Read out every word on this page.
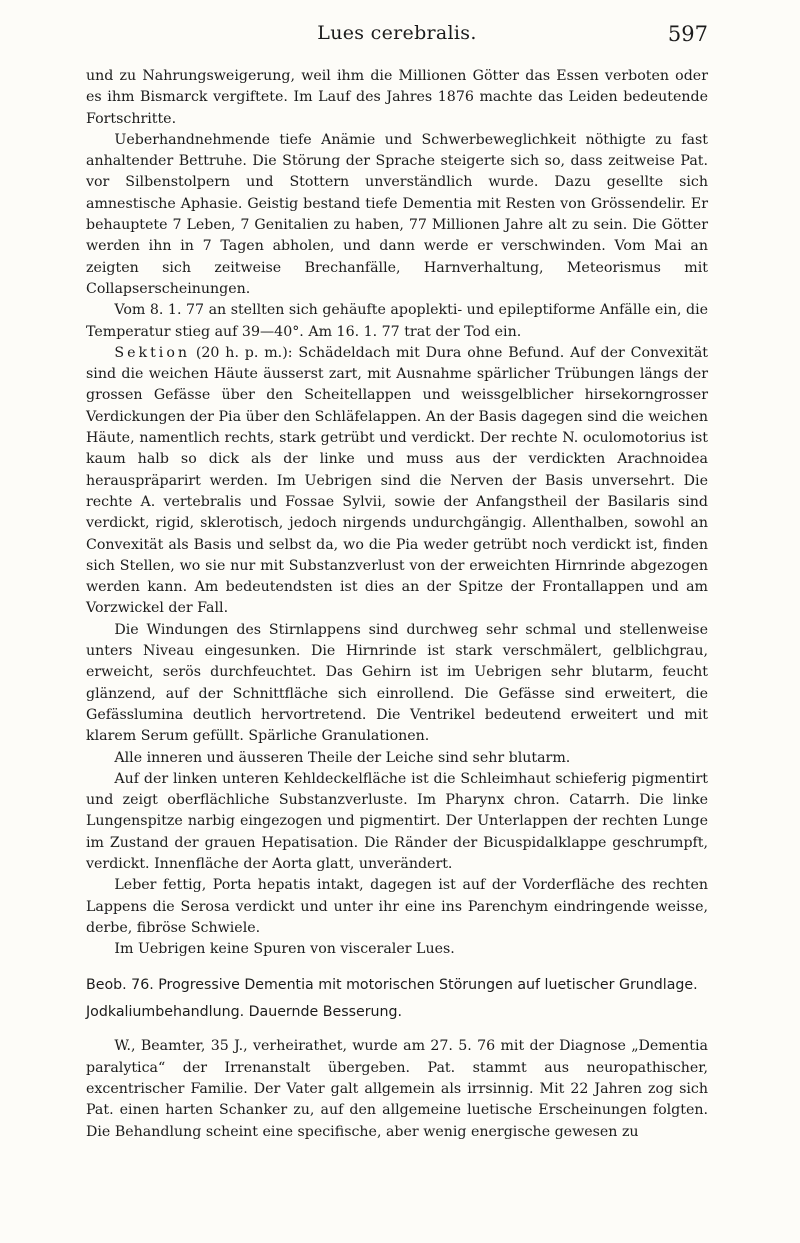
Lues cerebralis.	597

und zu Nahrungsweigerung, weil ihm die Millionen Götter das Essen verboten oder es ihm Bismarck vergiftete. Im Lauf des Jahres 1876 machte das Leiden bedeutende Fortschritte.

Ueberhandnehmende tiefe Anämie und Schwerbeweglichkeit nöthigte zu fast anhaltender Bettruhe. Die Störung der Sprache steigerte sich so, dass zeitweise Pat. vor Silbenstolpern und Stottern unverständlich wurde. Dazu gesellte sich amnestische Aphasie. Geistig bestand tiefe Dementia mit Resten von Grössendelir. Er behauptete 7 Leben, 7 Genitalien zu haben, 77 Millionen Jahre alt zu sein. Die Götter werden ihn in 7 Tagen abholen, und dann werde er verschwinden. Vom Mai an zeigten sich zeitweise Brechanfälle, Harnverhaltung, Meteorismus mit Collapserscheinungen.

Vom 8. 1. 77 an stellten sich gehäufte apoplekti- und epileptiforme Anfälle ein, die Temperatur stieg auf 39—40°. Am 16. 1. 77 trat der Tod ein.

Sektion (20 h. p. m.): Schädeldach mit Dura ohne Befund. Auf der Convexität sind die weichen Häute äusserst zart, mit Ausnahme spärlicher Trübungen längs der grossen Gefässe über den Scheitellappen und weissgelblicher hirsekorngrosser Verdickungen der Pia über den Schläfelappen. An der Basis dagegen sind die weichen Häute, namentlich rechts, stark getrübt und verdickt. Der rechte N. oculomotorius ist kaum halb so dick als der linke und muss aus der verdickten Arachnoidea herauspräparirt werden. Im Uebrigen sind die Nerven der Basis unversehrt. Die rechte A. vertebralis und Fossae Sylvii, sowie der Anfangstheil der Basilaris sind verdickt, rigid, sklerotisch, jedoch nirgends undurchgängig. Allenthalben, sowohl an Convexität als Basis und selbst da, wo die Pia weder getrübt noch verdickt ist, finden sich Stellen, wo sie nur mit Substanzverlust von der erweichten Hirnrinde abgezogen werden kann. Am bedeutendsten ist dies an der Spitze der Frontallappen und am Vorzwickel der Fall.

Die Windungen des Stirnlappens sind durchweg sehr schmal und stellenweise unters Niveau eingesunken. Die Hirnrinde ist stark verschmälert, gelblichgrau, erweicht, serös durchfeuchtet. Das Gehirn ist im Uebrigen sehr blutarm, feucht glänzend, auf der Schnittfläche sich einrollend. Die Gefässe sind erweitert, die Gefässlumina deutlich hervortretend. Die Ventrikel bedeutend erweitert und mit klarem Serum gefüllt. Spärliche Granulationen.

Alle inneren und äusseren Theile der Leiche sind sehr blutarm.

Auf der linken unteren Kehldeckelfläche ist die Schleimhaut schieferig pigmentirt und zeigt oberflächliche Substanzverluste. Im Pharynx chron. Catarrh. Die linke Lungenspitze narbig eingezogen und pigmentirt. Der Unterlappen der rechten Lunge im Zustand der grauen Hepatisation. Die Ränder der Bicuspidalklappe geschrumpft, verdickt. Innenfläche der Aorta glatt, unverändert.

Leber fettig, Porta hepatis intakt, dagegen ist auf der Vorderfläche des rechten Lappens die Serosa verdickt und unter ihr eine ins Parenchym eindringende weisse, derbe, fibröse Schwiele.

Im Uebrigen keine Spuren von visceraler Lues.

Beob. 76. Progressive Dementia mit motorischen Störungen auf luetischer Grundlage. Jodkaliumbehandlung. Dauernde Besserung.

W., Beamter, 35 J., verheirathet, wurde am 27. 5. 76 mit der Diagnose „Dementia paralytica“ der Irrenanstalt übergeben. Pat. stammt aus neuropathischer, excentrischer Familie. Der Vater galt allgemein als irrsinnig. Mit 22 Jahren zog sich Pat. einen harten Schanker zu, auf den allgemeine luetische Erscheinungen folgten. Die Behandlung scheint eine specifische, aber wenig energische gewesen zu
